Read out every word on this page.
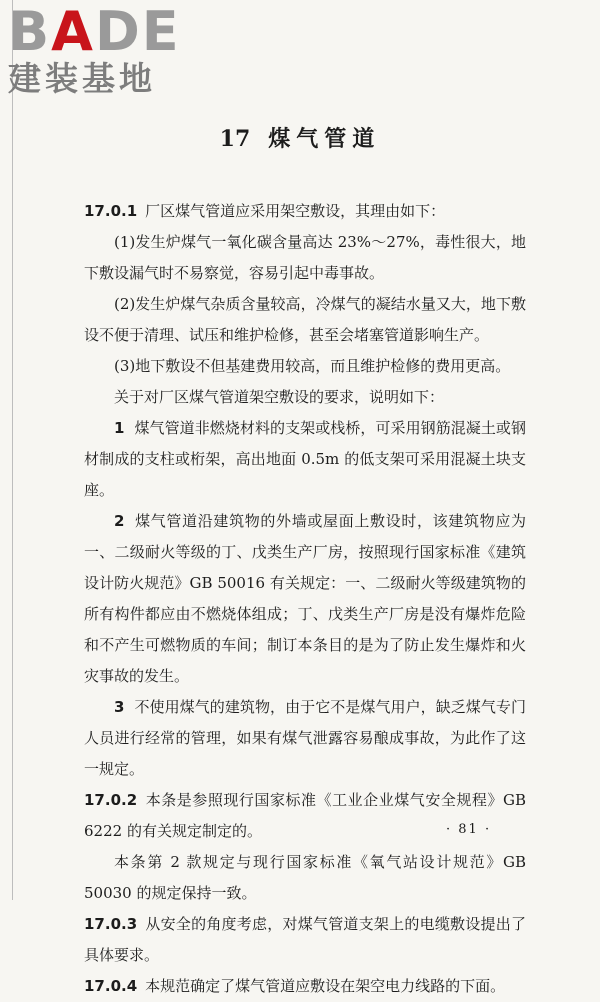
BADE
建装基地
17 煤气管道

17.0.1 厂区煤气管道应采用架空敷设，其理由如下：

(1)发生炉煤气一氧化碳含量高达 23%～27%，毒性很大，地下敷设漏气时不易察觉，容易引起中毒事故。

(2)发生炉煤气杂质含量较高，冷煤气的凝结水量又大，地下敷设不便于清理、试压和维护检修，甚至会堵塞管道影响生产。

(3)地下敷设不但基建费用较高，而且维护检修的费用更高。

关于对厂区煤气管道架空敷设的要求，说明如下：

1 煤气管道非燃烧材料的支架或栈桥，可采用钢筋混凝土或钢材制成的支柱或桁架，高出地面 0.5m 的低支架可采用混凝土块支座。

2 煤气管道沿建筑物的外墙或屋面上敷设时，该建筑物应为一、二级耐火等级的丁、戊类生产厂房，按照现行国家标准《建筑设计防火规范》GB 50016 有关规定：一、二级耐火等级建筑物的所有构件都应由不燃烧体组成；丁、戊类生产厂房是没有爆炸危险和不产生可燃物质的车间；制订本条目的是为了防止发生爆炸和火灾事故的发生。

3 不使用煤气的建筑物，由于它不是煤气用户，缺乏煤气专门人员进行经常的管理，如果有煤气泄露容易酿成事故，为此作了这一规定。

17.0.2 本条是参照现行国家标准《工业企业煤气安全规程》GB 6222 的有关规定制定的。

本条第 2 款规定与现行国家标准《氧气站设计规范》GB 50030 的规定保持一致。

17.0.3 从安全的角度考虑，对煤气管道支架上的电缆敷设提出了具体要求。

17.0.4 本规范确定了煤气管道应敷设在架空电力线路的下面。

· 81 ·
